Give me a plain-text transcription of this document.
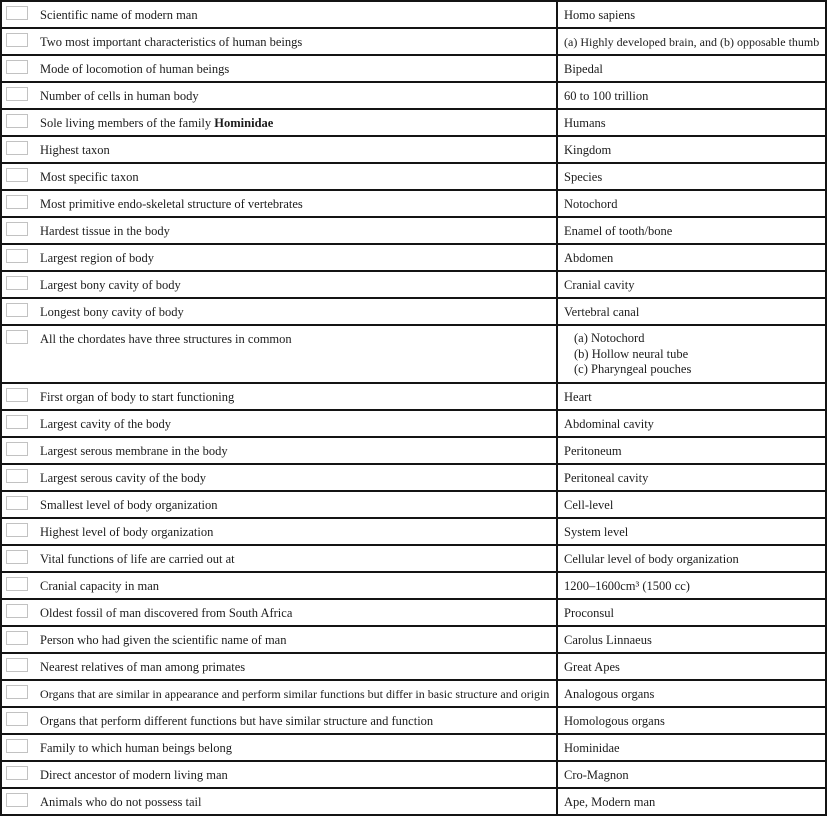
Scientific name of modern man	Homo sapiens
Two most important characteristics of human beings	(a) Highly developed brain, and (b) opposable thumb
Mode of locomotion of human beings	Bipedal
Number of cells in human body	60 to 100 trillion
Sole living members of the family Hominidae	Humans
Highest taxon	Kingdom
Most specific taxon	Species
Most primitive endo-skeletal structure of vertebrates	Notochord
Hardest tissue in the body	Enamel of tooth/bone
Largest region of body	Abdomen
Largest bony cavity of body	Cranial cavity
Longest bony cavity of body	Vertebral canal
All the chordates have three structures in common	(a) Notochord
(b) Hollow neural tube
(c) Pharyngeal pouches
First organ of body to start functioning	Heart
Largest cavity of the body	Abdominal cavity
Largest serous membrane in the body	Peritoneum
Largest serous cavity of the body	Peritoneal cavity
Smallest level of body organization	Cell-level
Highest level of body organization	System level
Vital functions of life are carried out at	Cellular level of body organization
Cranial capacity in man	1200–1600cm³ (1500 cc)
Oldest fossil of man discovered from South Africa	Proconsul
Person who had given the scientific name of man	Carolus Linnaeus
Nearest relatives of man among primates	Great Apes
Organs that are similar in appearance and perform similar functions but differ in basic structure and origin	Analogous organs
Organs that perform different functions but have similar structure and function	Homologous organs
Family to which human beings belong	Hominidae
Direct ancestor of modern living man	Cro-Magnon
Animals who do not possess tail	Ape, Modern man
